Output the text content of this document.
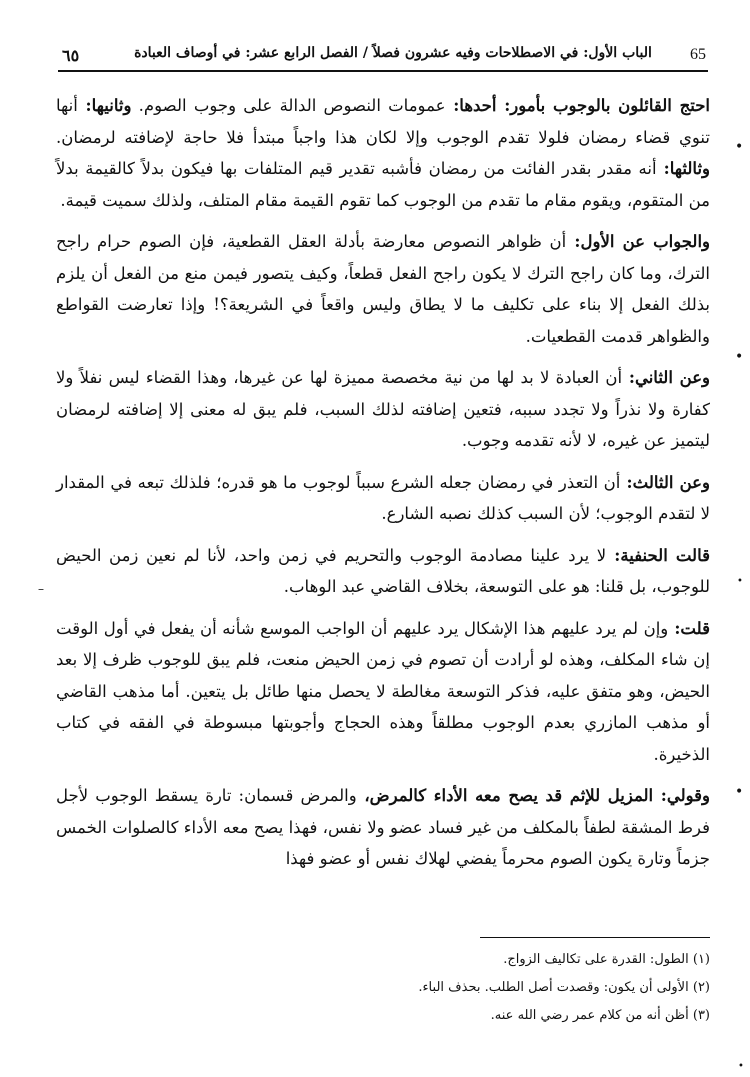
٦٥	الباب الأول: في الاصطلاحات وفيه عشرون فصلاً / الفصل الرابع عشر: في أوصاف العبادة	65

احتج القائلون بالوجوب بأمور: أحدها: عمومات النصوص الدالة على وجوب الصوم. وثانيها: أنها تنوي قضاء رمضان فلولا تقدم الوجوب وإلا لكان هذا واجباً مبتدأ فلا حاجة لإضافته لرمضان. وثالثها: أنه مقدر بقدر الفائت من رمضان فأشبه تقدير قيم المتلفات بها فيكون بدلاً كالقيمة بدلاً من المتقوم، ويقوم مقام ما تقدم من الوجوب كما تقوم القيمة مقام المتلف، ولذلك سميت قيمة.

والجواب عن الأول: أن ظواهر النصوص معارضة بأدلة العقل القطعية، فإن الصوم حرام راجح الترك، وما كان راجح الترك لا يكون راجح الفعل قطعاً، وكيف يتصور فيمن منع من الفعل أن يلزم بذلك الفعل إلا بناء على تكليف ما لا يطاق وليس واقعاً في الشريعة؟! وإذا تعارضت القواطع والظواهر قدمت القطعيات.

وعن الثاني: أن العبادة لا بد لها من نية مخصصة مميزة لها عن غيرها، وهذا القضاء ليس نفلاً ولا كفارة ولا نذراً ولا تجدد سببه، فتعين إضافته لذلك السبب، فلم يبق له معنى إلا إضافته لرمضان ليتميز عن غيره، لا لأنه تقدمه وجوب.

وعن الثالث: أن التعذر في رمضان جعله الشرع سبباً لوجوب ما هو قدره؛ فلذلك تبعه في المقدار لا لتقدم الوجوب؛ لأن السبب كذلك نصبه الشارع.

قالت الحنفية: لا يرد علينا مصادمة الوجوب والتحريم في زمن واحد، لأنا لم نعين زمن الحيض للوجوب، بل قلنا: هو على التوسعة، بخلاف القاضي عبد الوهاب.

قلت: وإن لم يرد عليهم هذا الإشكال يرد عليهم أن الواجب الموسع شأنه أن يفعل في أول الوقت إن شاء المكلف، وهذه لو أرادت أن تصوم في زمن الحيض منعت، فلم يبق للوجوب ظرف إلا بعد الحيض، وهو متفق عليه، فذكر التوسعة مغالطة لا يحصل منها طائل بل يتعين. أما مذهب القاضي أو مذهب المازري بعدم الوجوب مطلقاً وهذه الحجاج وأجوبتها مبسوطة في الفقه في كتاب الذخيرة.

وقولي: المزيل للإثم قد يصح معه الأداء كالمرض، والمرض قسمان: تارة يسقط الوجوب لأجل فرط المشقة لطفاً بالمكلف من غير فساد عضو ولا نفس، فهذا يصح معه الأداء كالصلوات الخمس جزماً وتارة يكون الصوم محرماً يفضي لهلاك نفس أو عضو فهذا

(١) الطول: القدرة على تكاليف الزواج.
(٢) الأولى أن يكون: وقصدت أصل الطلب. بحذف الباء.
(٣) أظن أنه من كلام عمر رضي الله عنه.
•
•
•
•
•
–
